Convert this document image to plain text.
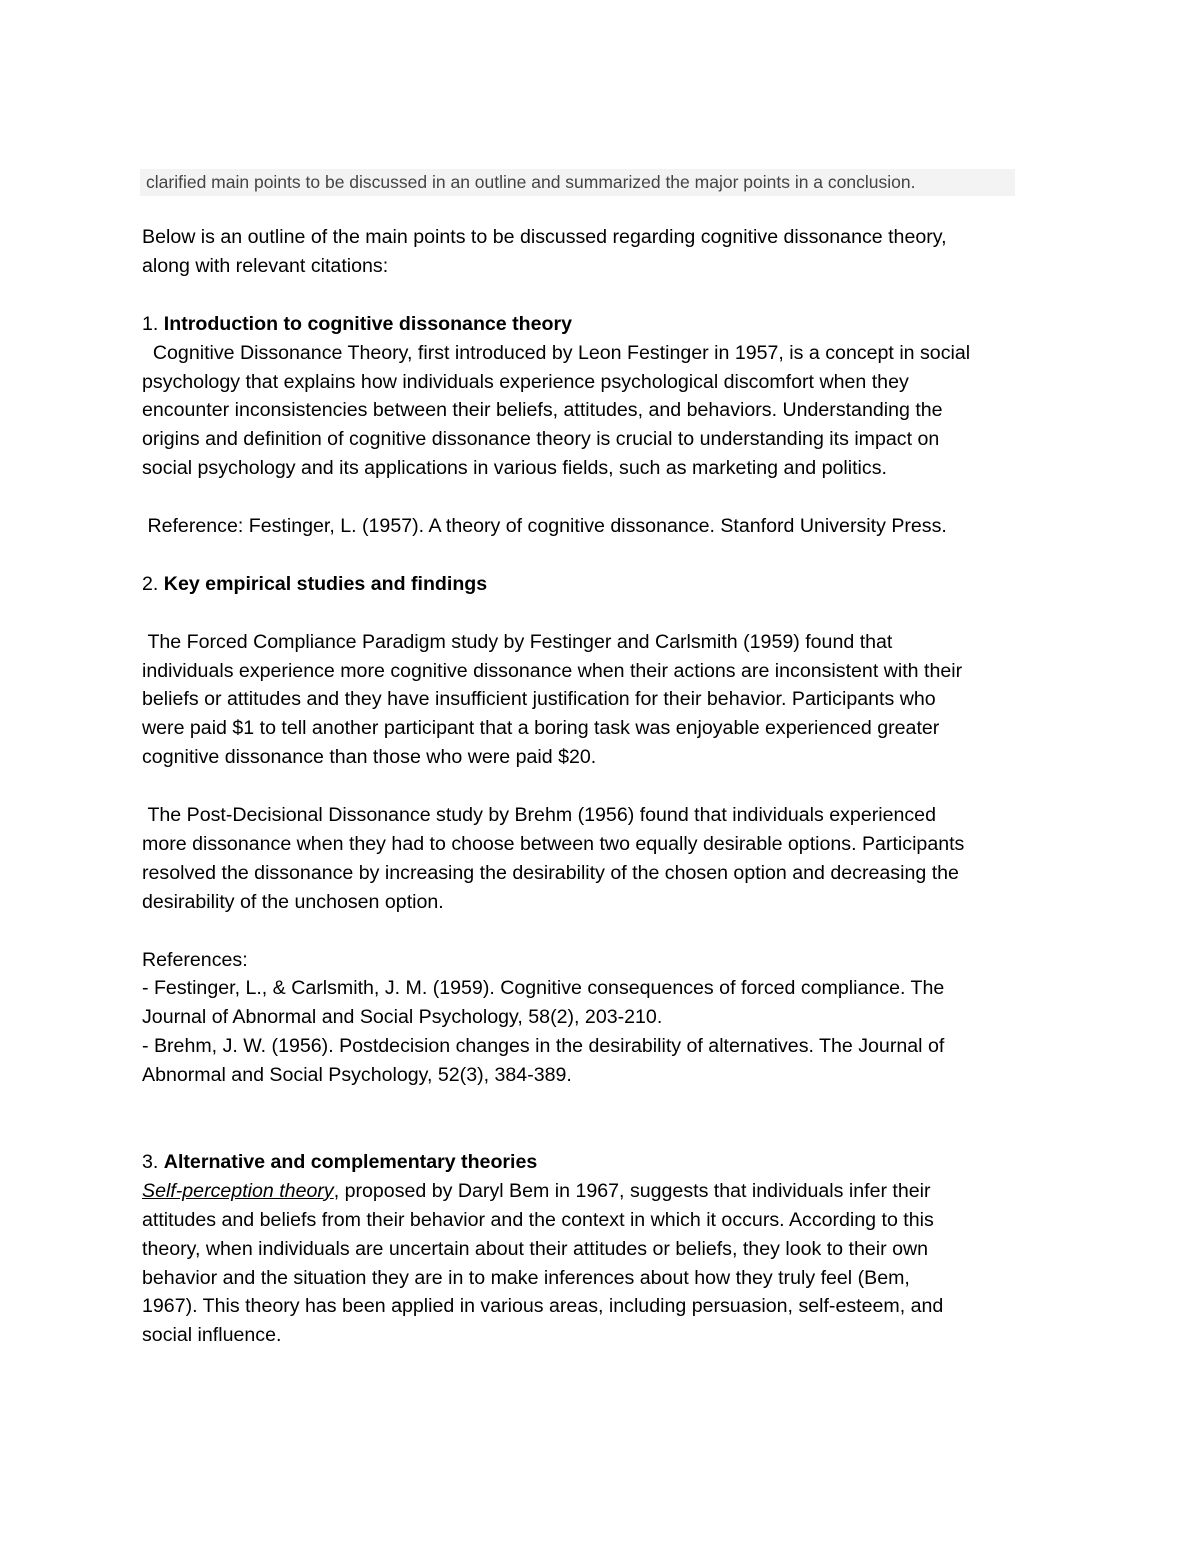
clarified main points to be discussed in an outline and summarized the major points in a conclusion.

Below is an outline of the main points to be discussed regarding cognitive dissonance theory,

along with relevant citations:

1. Introduction to cognitive dissonance theory

Cognitive Dissonance Theory, first introduced by Leon Festinger in 1957, is a concept in social

psychology that explains how individuals experience psychological discomfort when they

encounter inconsistencies between their beliefs, attitudes, and behaviors. Understanding the

origins and definition of cognitive dissonance theory is crucial to understanding its impact on

social psychology and its applications in various fields, such as marketing and politics.

Reference: Festinger, L. (1957). A theory of cognitive dissonance. Stanford University Press.

2. Key empirical studies and findings

The Forced Compliance Paradigm study by Festinger and Carlsmith (1959) found that

individuals experience more cognitive dissonance when their actions are inconsistent with their

beliefs or attitudes and they have insufficient justification for their behavior. Participants who

were paid $1 to tell another participant that a boring task was enjoyable experienced greater

cognitive dissonance than those who were paid $20.

The Post-Decisional Dissonance study by Brehm (1956) found that individuals experienced

more dissonance when they had to choose between two equally desirable options. Participants

resolved the dissonance by increasing the desirability of the chosen option and decreasing the

desirability of the unchosen option.

References:

- Festinger, L., & Carlsmith, J. M. (1959). Cognitive consequences of forced compliance. The

Journal of Abnormal and Social Psychology, 58(2), 203-210.

- Brehm, J. W. (1956). Postdecision changes in the desirability of alternatives. The Journal of

Abnormal and Social Psychology, 52(3), 384-389.

3. Alternative and complementary theories

Self-perception theory, proposed by Daryl Bem in 1967, suggests that individuals infer their

attitudes and beliefs from their behavior and the context in which it occurs. According to this

theory, when individuals are uncertain about their attitudes or beliefs, they look to their own

behavior and the situation they are in to make inferences about how they truly feel (Bem,

1967). This theory has been applied in various areas, including persuasion, self-esteem, and

social influence.
